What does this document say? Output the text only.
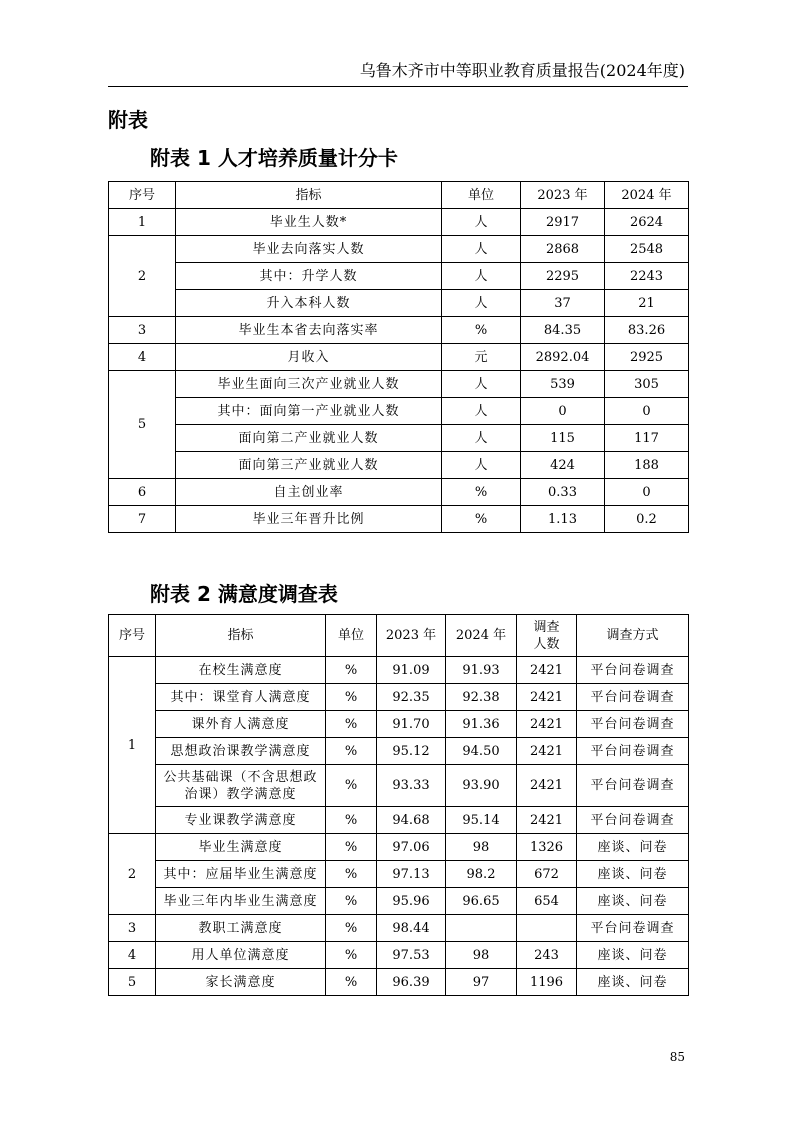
乌鲁木齐市中等职业教育质量报告(2024年度)
附表
附表 1 人才培养质量计分卡
序号	指标	单位	2023 年	2024 年
1	毕业生人数*	人	2917	2624
2	毕业去向落实人数	人	2868	2548
	其中：升学人数	人	2295	2243
	升入本科人数	人	37	21
3	毕业生本省去向落实率	%	84.35	83.26
4	月收入	元	2892.04	2925
5	毕业生面向三次产业就业人数	人	539	305
	其中：面向第一产业就业人数	人	0	0
	面向第二产业就业人数	人	115	117
	面向第三产业就业人数	人	424	188
6	自主创业率	%	0.33	0
7	毕业三年晋升比例	%	1.13	0.2
附表 2 满意度调查表
序号	指标	单位	2023 年	2024 年	调查人数	调查方式
1	在校生满意度	%	91.09	91.93	2421	平台问卷调查
	其中：课堂育人满意度	%	92.35	92.38	2421	平台问卷调查
	课外育人满意度	%	91.70	91.36	2421	平台问卷调查
	思想政治课教学满意度	%	95.12	94.50	2421	平台问卷调查
	公共基础课（不含思想政治课）教学满意度	%	93.33	93.90	2421	平台问卷调查
	专业课教学满意度	%	94.68	95.14	2421	平台问卷调查
2	毕业生满意度	%	97.06	98	1326	座谈、问卷
	其中：应届毕业生满意度	%	97.13	98.2	672	座谈、问卷
	毕业三年内毕业生满意度	%	95.96	96.65	654	座谈、问卷
3	教职工满意度	%	98.44			平台问卷调查
4	用人单位满意度	%	97.53	98	243	座谈、问卷
5	家长满意度	%	96.39	97	1196	座谈、问卷
85
